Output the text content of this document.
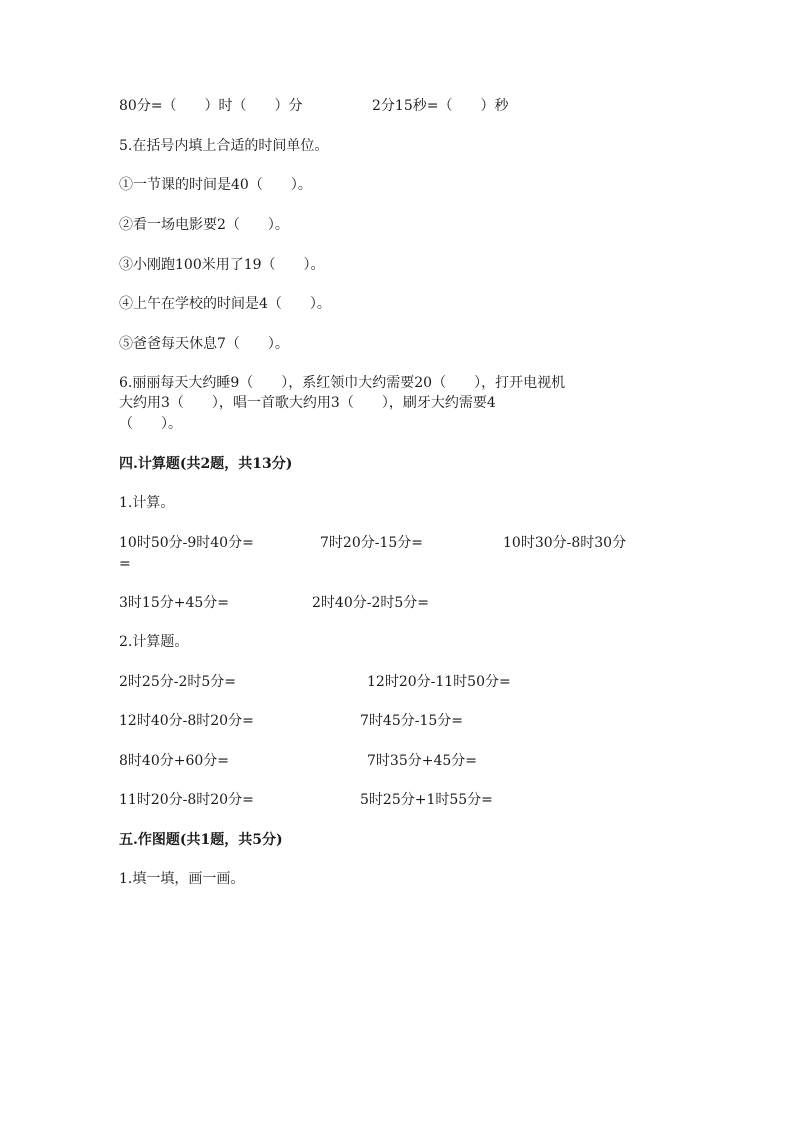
80分=（　　）时（　　）分	2分15秒=（　　）秒
5.在括号内填上合适的时间单位。
①一节课的时间是40（　　）。
②看一场电影要2（　　）。
③小刚跑100米用了19（　　）。
④上午在学校的时间是4（　　）。
⑤爸爸每天休息7（　　）。
6.丽丽每天大约睡9（　　），系红领巾大约需要20（　　），打开电视机
大约用3（　　），唱一首歌大约用3（　　），刷牙大约需要4
（　　）。
四.计算题(共2题，共13分)
1.计算。
10时50分-9时40分=	7时20分-15分=	10时30分-8时30分
=
3时15分+45分=	2时40分-2时5分=
2.计算题。
2时25分-2时5分=	12时20分-11时50分=
12时40分-8时20分=	7时45分-15分=
8时40分+60分=	7时35分+45分=
11时20分-8时20分=	5时25分+1时55分=
五.作图题(共1题，共5分)
1.填一填，画一画。
